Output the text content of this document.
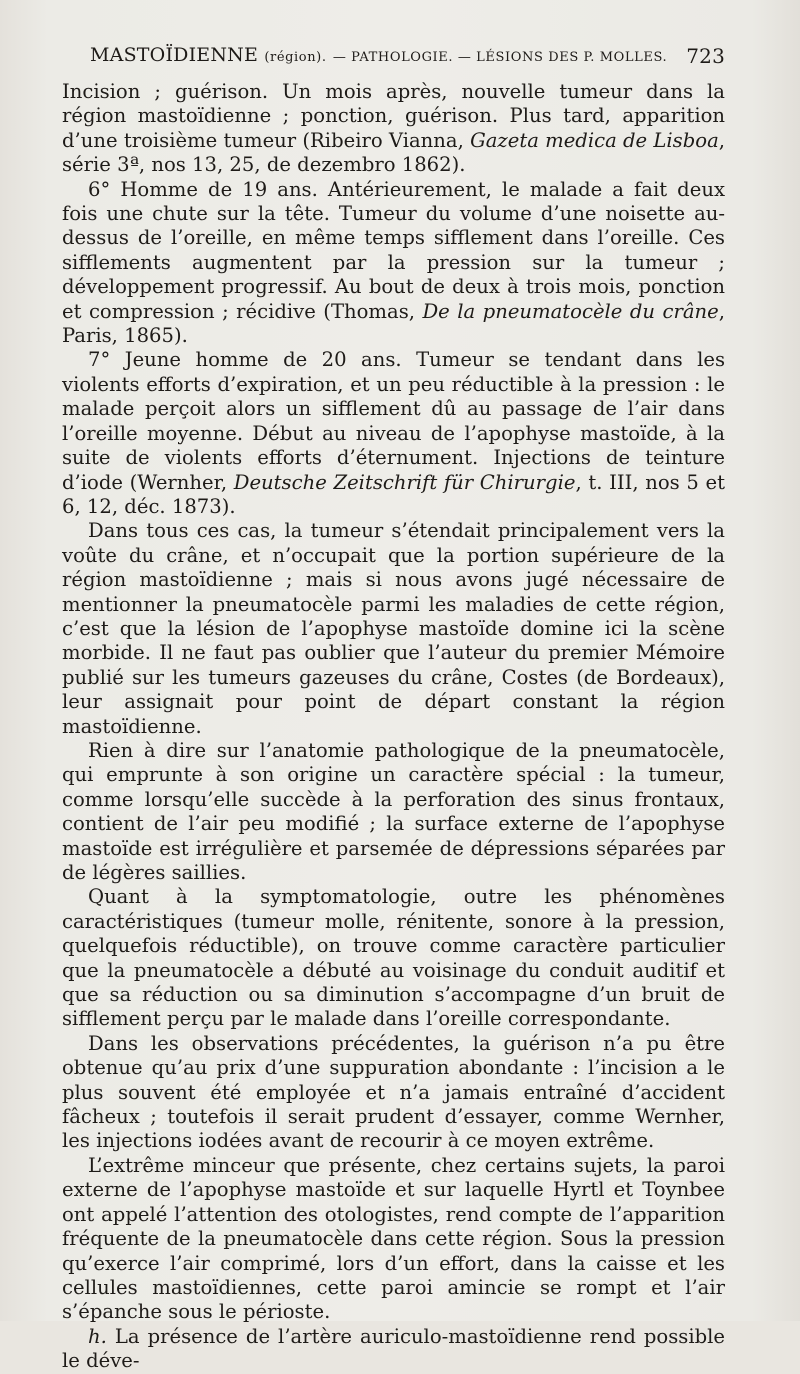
MASTOÏDIENNE (région). — PATHOLOGIE. — LÉSIONS DES P. MOLLES. 723

Incision ; guérison. Un mois après, nouvelle tumeur dans la région mastoïdienne ; ponction, guérison. Plus tard, apparition d’une troisième tumeur (Ribeiro Vianna, Gazeta medica de Lisboa, série 3ª, nos 13, 25, de dezembro 1862).

6° Homme de 19 ans. Antérieurement, le malade a fait deux fois une chute sur la tête. Tumeur du volume d’une noisette au-dessus de l’oreille, en même temps sifflement dans l’oreille. Ces sifflements augmentent par la pression sur la tumeur ; développement progressif. Au bout de deux à trois mois, ponction et compression ; récidive (Thomas, De la pneumatocèle du crâne, Paris, 1865).

7° Jeune homme de 20 ans. Tumeur se tendant dans les violents efforts d’expiration, et un peu réductible à la pression : le malade perçoit alors un sifflement dû au passage de l’air dans l’oreille moyenne. Début au niveau de l’apophyse mastoïde, à la suite de violents efforts d’éternument. Injections de teinture d’iode (Wernher, Deutsche Zeitschrift für Chirurgie, t. III, nos 5 et 6, 12, déc. 1873).

Dans tous ces cas, la tumeur s’étendait principalement vers la voûte du crâne, et n’occupait que la portion supérieure de la région mastoïdienne ; mais si nous avons jugé nécessaire de mentionner la pneumatocèle parmi les maladies de cette région, c’est que la lésion de l’apophyse mastoïde domine ici la scène morbide. Il ne faut pas oublier que l’auteur du premier Mémoire publié sur les tumeurs gazeuses du crâne, Costes (de Bordeaux), leur assignait pour point de départ constant la région mastoïdienne.

Rien à dire sur l’anatomie pathologique de la pneumatocèle, qui emprunte à son origine un caractère spécial : la tumeur, comme lorsqu’elle succède à la perforation des sinus frontaux, contient de l’air peu modifié ; la surface externe de l’apophyse mastoïde est irrégulière et parsemée de dépressions séparées par de légères saillies.

Quant à la symptomatologie, outre les phénomènes caractéristiques (tumeur molle, rénitente, sonore à la pression, quelquefois réductible), on trouve comme caractère particulier que la pneumatocèle a débuté au voisinage du conduit auditif et que sa réduction ou sa diminution s’accompagne d’un bruit de sifflement perçu par le malade dans l’oreille correspondante.

Dans les observations précédentes, la guérison n’a pu être obtenue qu’au prix d’une suppuration abondante : l’incision a le plus souvent été employée et n’a jamais entraîné d’accident fâcheux ; toutefois il serait prudent d’essayer, comme Wernher, les injections iodées avant de recourir à ce moyen extrême.

L’extrême minceur que présente, chez certains sujets, la paroi externe de l’apophyse mastoïde et sur laquelle Hyrtl et Toynbee ont appelé l’attention des otologistes, rend compte de l’apparition fréquente de la pneumatocèle dans cette région. Sous la pression qu’exerce l’air comprimé, lors d’un effort, dans la caisse et les cellules mastoïdiennes, cette paroi amincie se rompt et l’air s’épanche sous le périoste.

h. La présence de l’artère auriculo-mastoïdienne rend possible le déve-
